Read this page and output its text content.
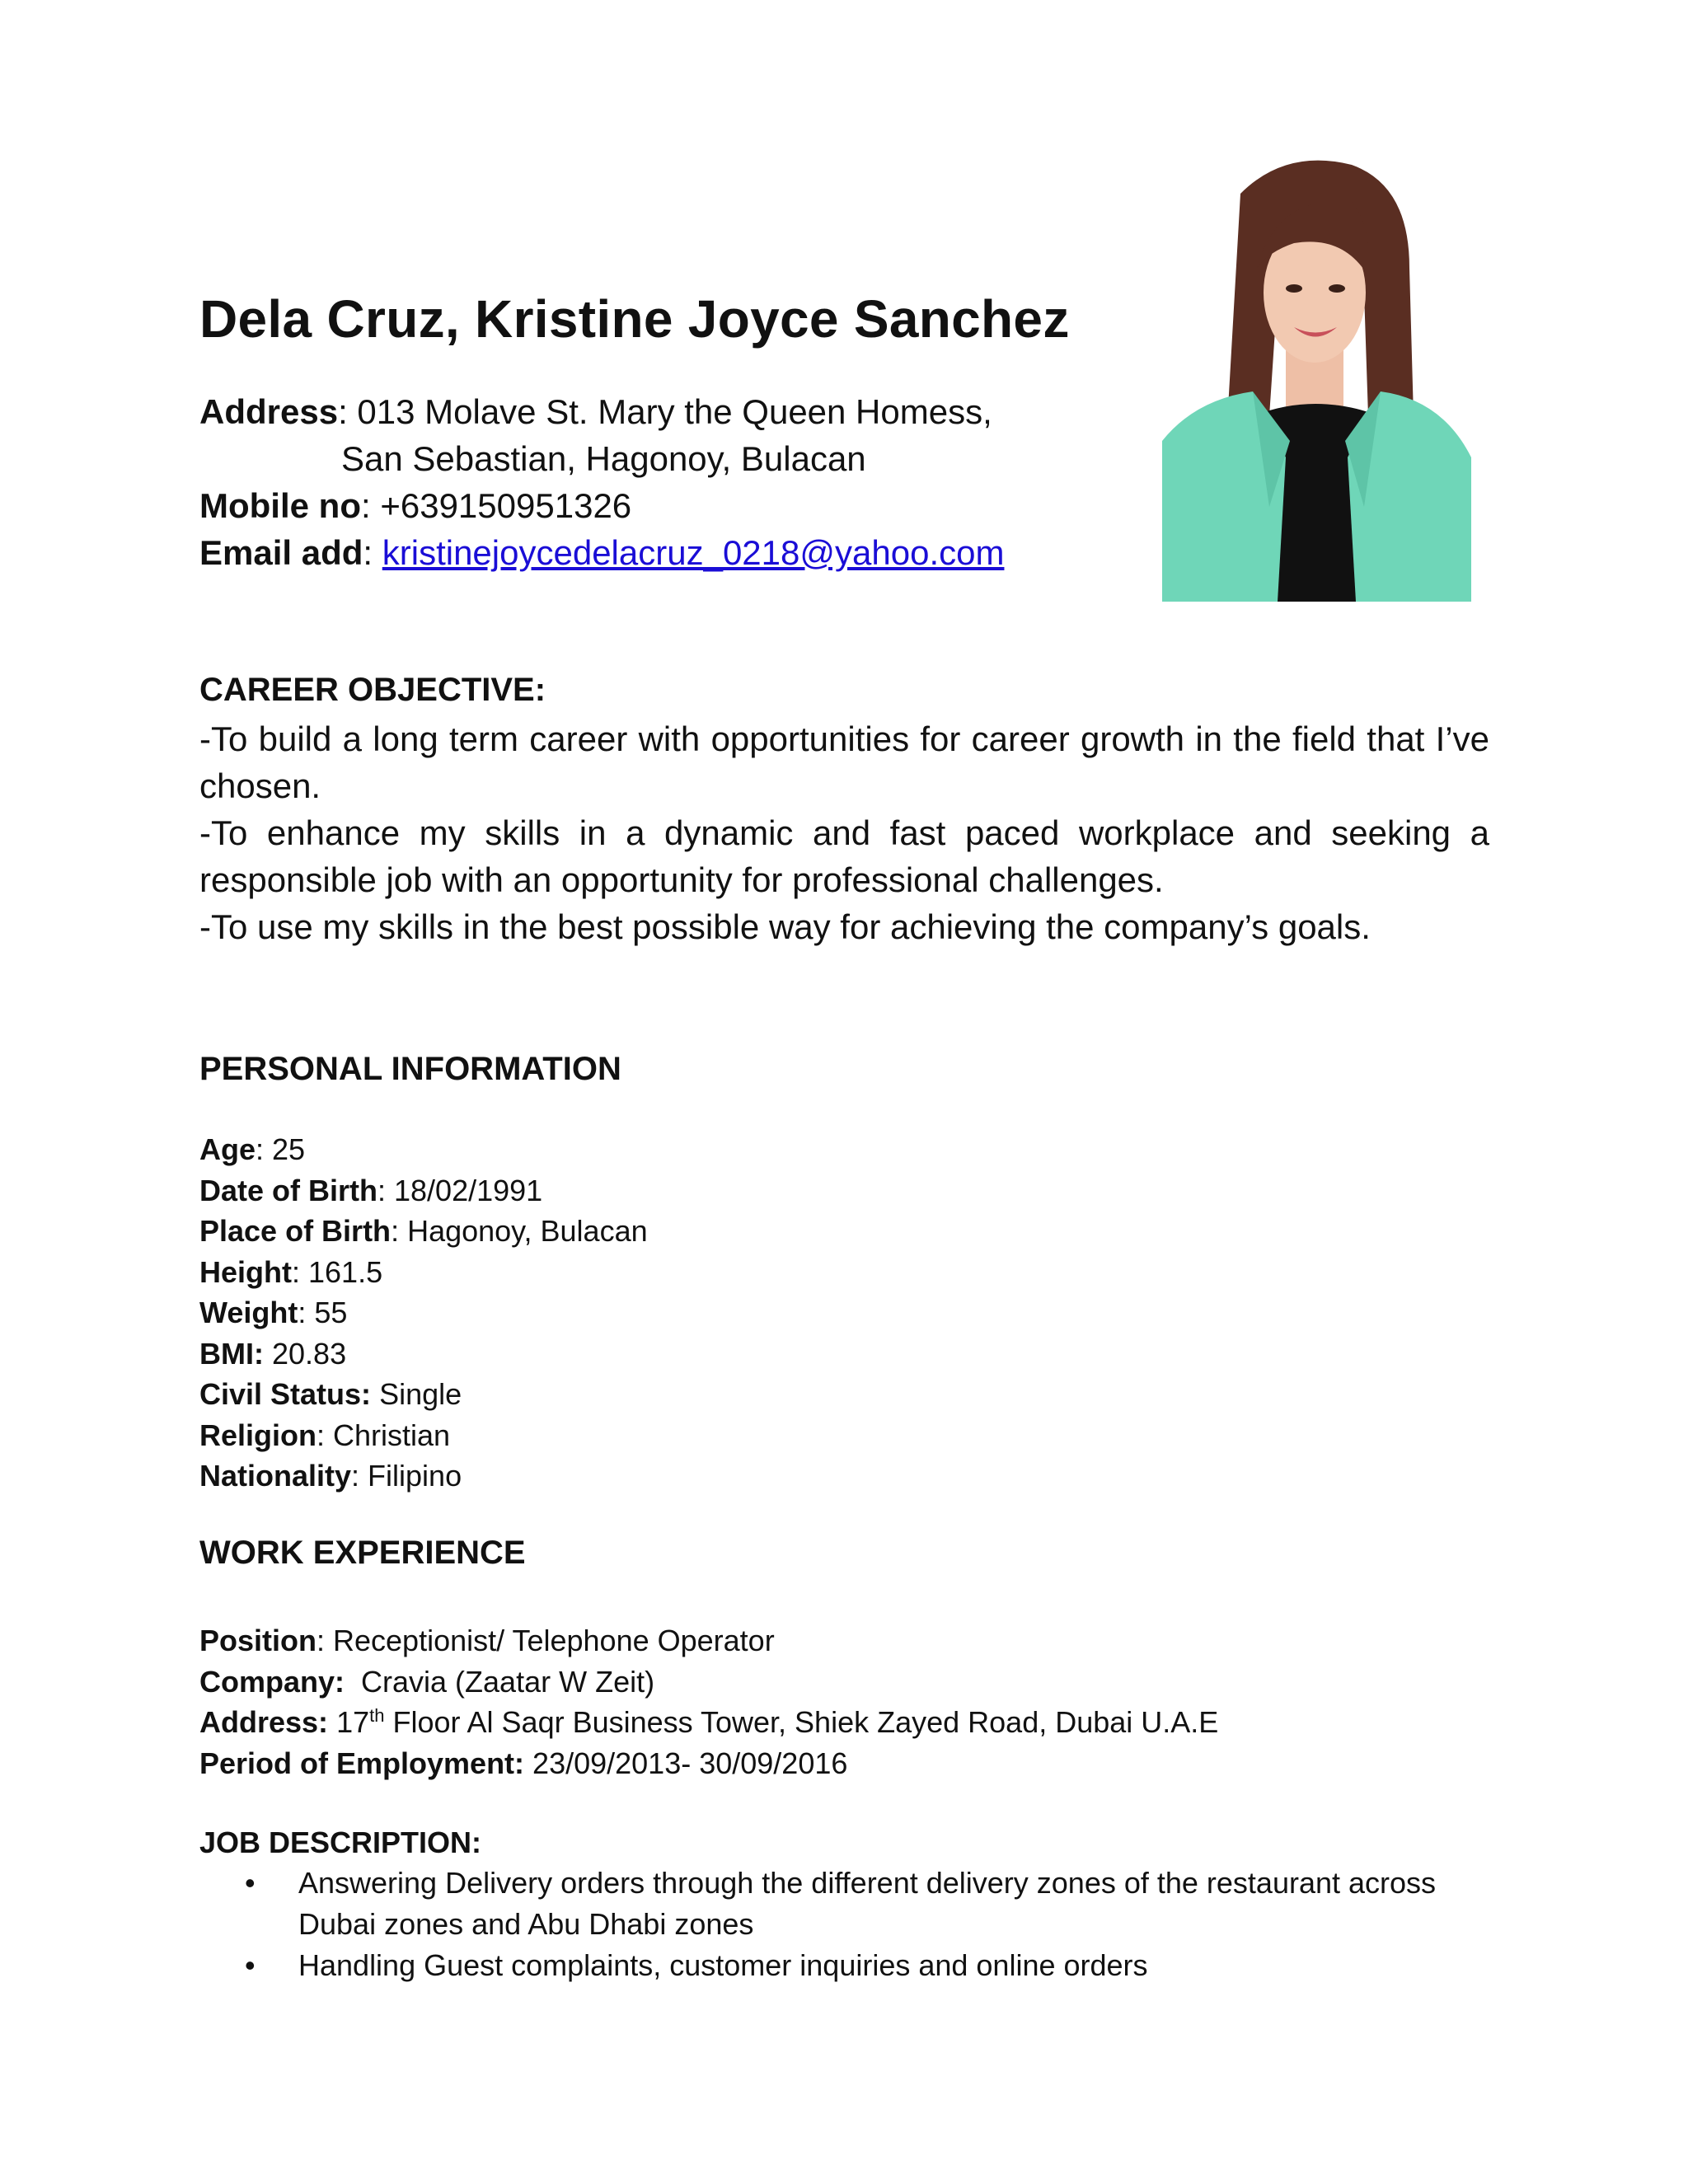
Dela Cruz, Kristine Joyce Sanchez
Address: 013 Molave St. Mary the Queen Homess,
San Sebastian, Hagonoy, Bulacan
Mobile no: +639150951326
Email add: kristinejoycedelacruz_0218@yahoo.com
CAREER OBJECTIVE:

-To build a long term career with opportunities for career growth in the field that I’ve chosen.

-To enhance my skills in a dynamic and fast paced workplace and seeking a responsible job with an opportunity for professional challenges.

-To use my skills in the best possible way for achieving the company’s goals.

PERSONAL INFORMATION
Age: 25
Date of Birth: 18/02/1991
Place of Birth: Hagonoy, Bulacan
Height: 161.5
Weight: 55
BMI: 20.83
Civil Status: Single
Religion: Christian
Nationality: Filipino
WORK EXPERIENCE
Position: Receptionist/ Telephone Operator
Company: Cravia (Zaatar W Zeit)
Address: 17th Floor Al Saqr Business Tower, Shiek Zayed Road, Dubai U.A.E
Period of Employment: 23/09/2013- 30/09/2016
JOB DESCRIPTION:
• Answering Delivery orders through the different delivery zones of the restaurant across Dubai zones and Abu Dhabi zones
• Handling Guest complaints, customer inquiries and online orders
